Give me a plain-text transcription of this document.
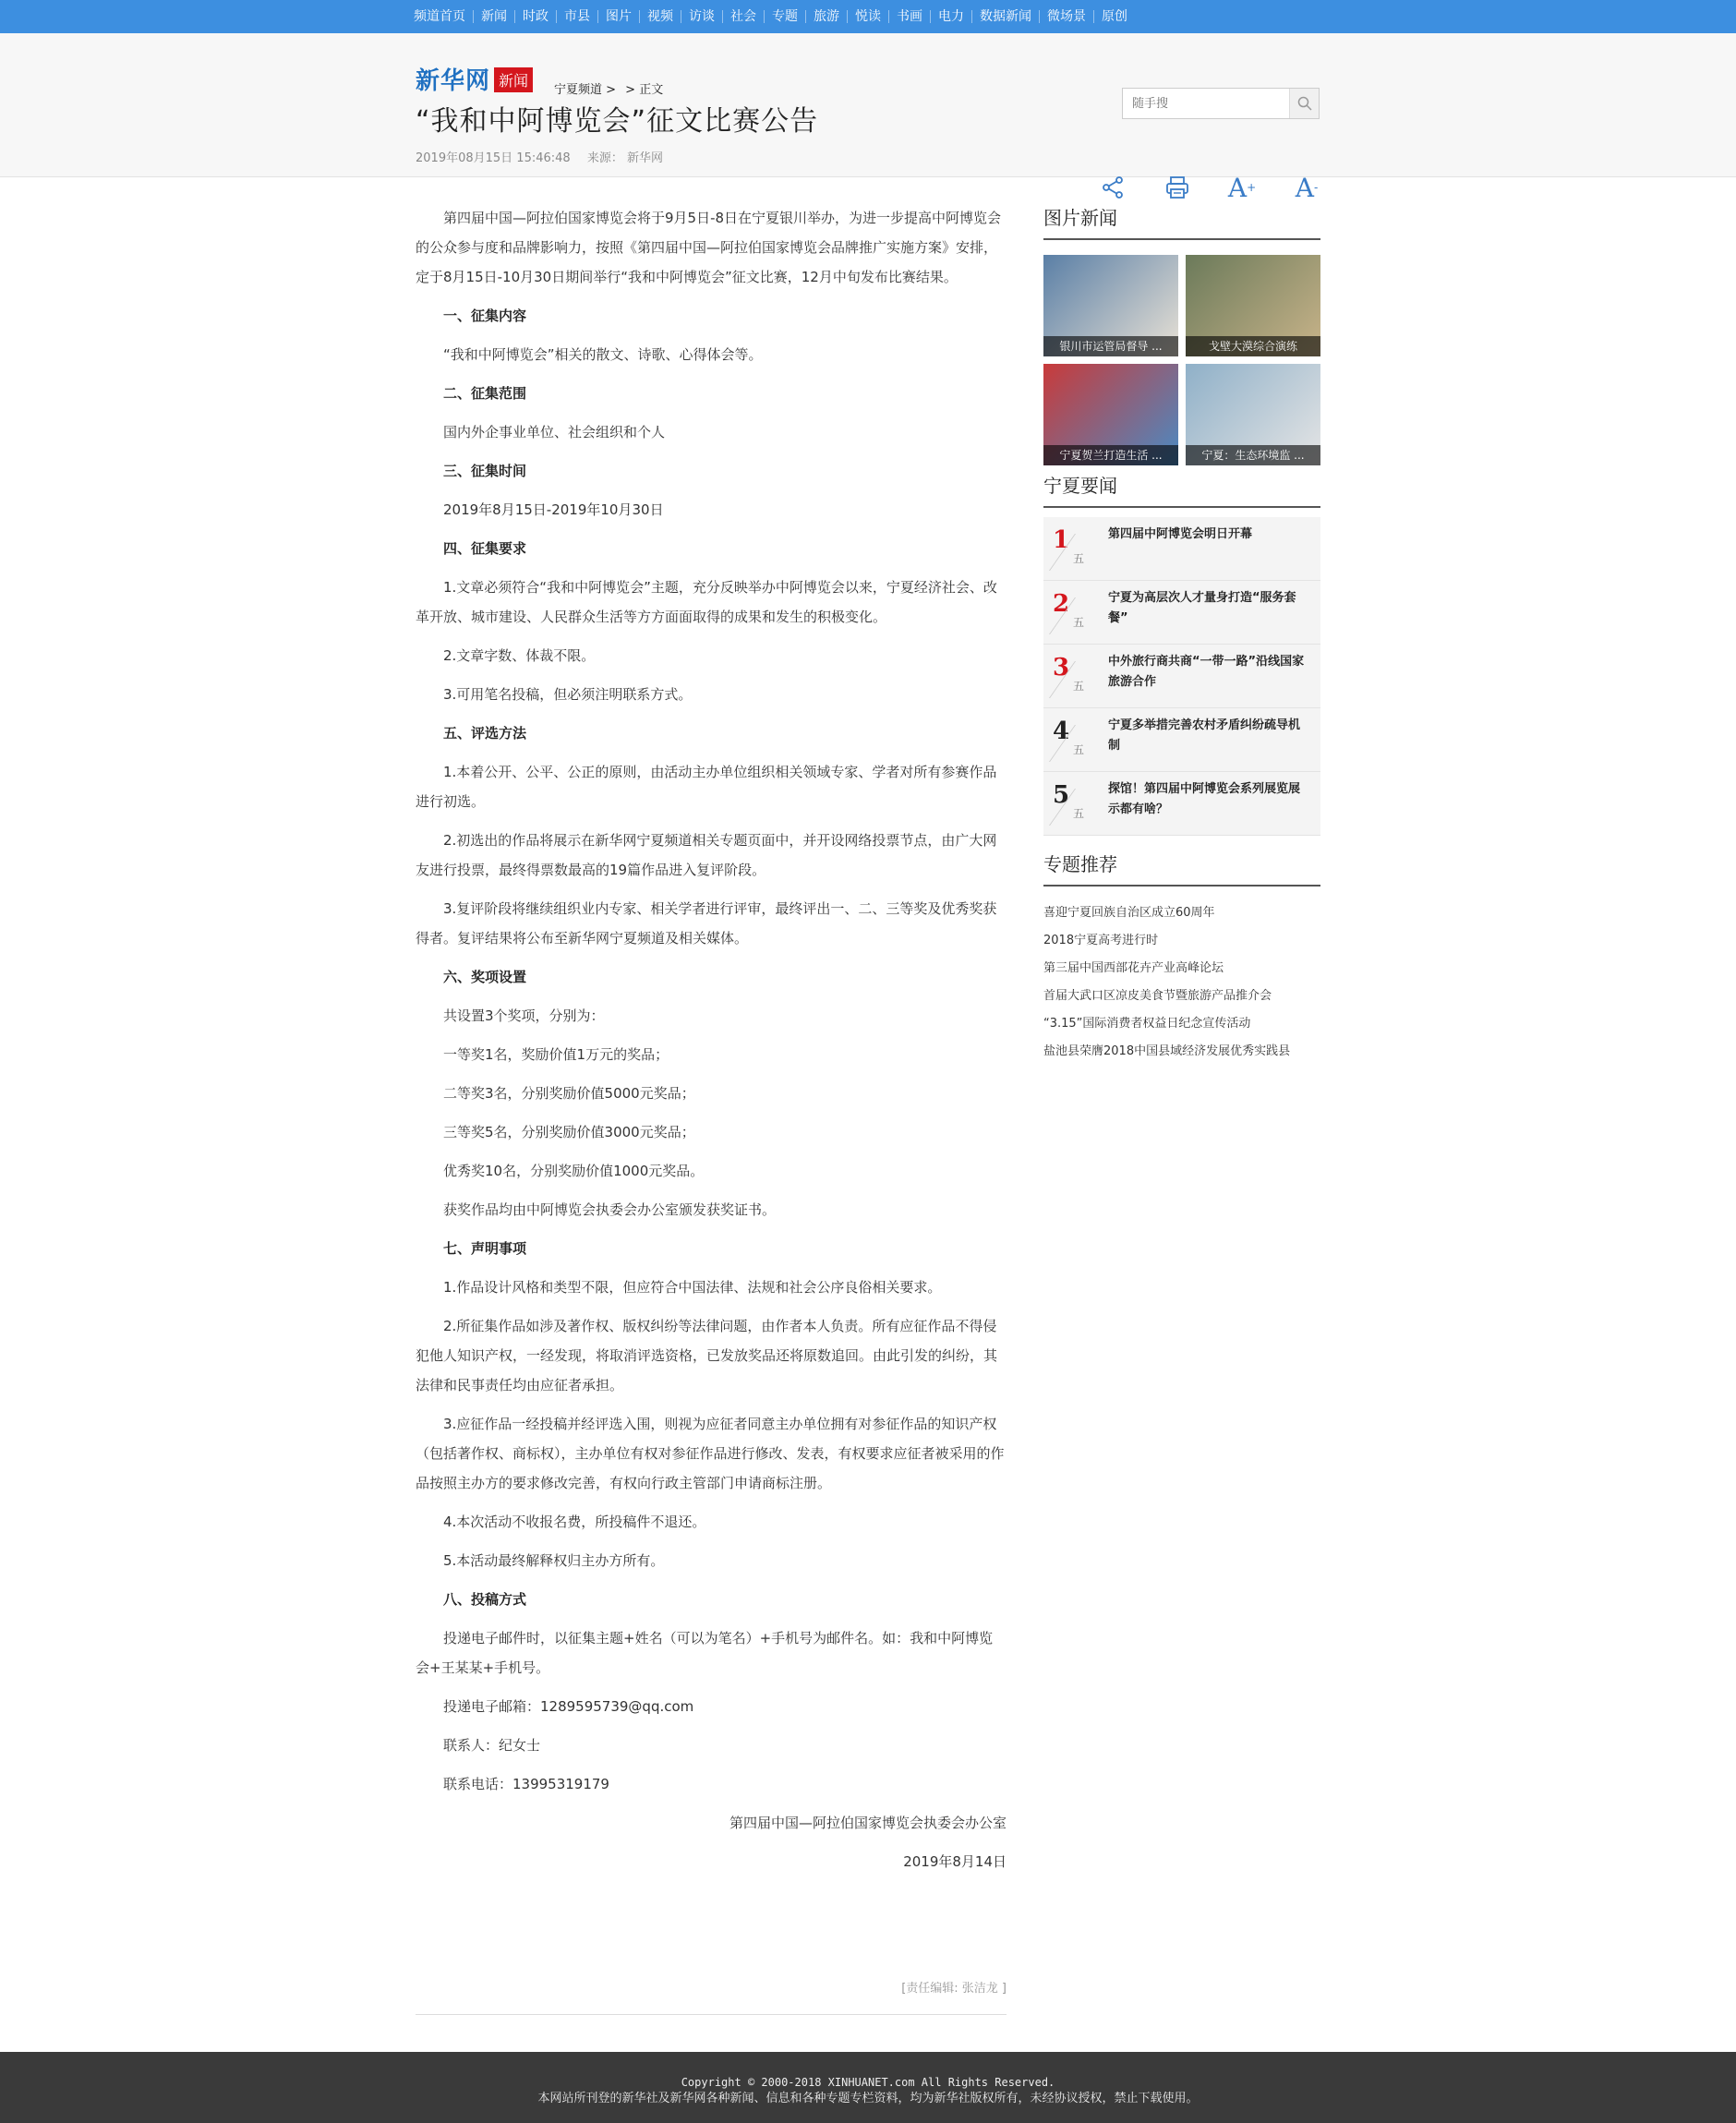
频道首页	新闻	时政	市县	图片	视频	访谈	社会	专题	旅游	悦读	书画	电力	数据新闻	微场景	原创
新华网 新闻
宁夏频道 > > 正文
“我和中阿博览会”征文比赛公告
2019年08月15日 15:46:48 来源： 新华网
随手搜
A + A -

第四届中国—阿拉伯国家博览会将于9月5日-8日在宁夏银川举办，为进一步提高中阿博览会的公众参与度和品牌影响力，按照《第四届中国—阿拉伯国家博览会品牌推广实施方案》安排，定于8月15日-10月30日期间举行“我和中阿博览会”征文比赛，12月中旬发布比赛结果。

一、征集内容

“我和中阿博览会”相关的散文、诗歌、心得体会等。

二、征集范围

国内外企事业单位、社会组织和个人

三、征集时间

2019年8月15日-2019年10月30日

四、征集要求

1.文章必须符合“我和中阿博览会”主题，充分反映举办中阿博览会以来，宁夏经济社会、改革开放、城市建设、人民群众生活等方方面面取得的成果和发生的积极变化。

2.文章字数、体裁不限。

3.可用笔名投稿，但必须注明联系方式。

五、评选方法

1.本着公开、公平、公正的原则，由活动主办单位组织相关领域专家、学者对所有参赛作品进行初选。

2.初选出的作品将展示在新华网宁夏频道相关专题页面中，并开设网络投票节点，由广大网友进行投票，最终得票数最高的19篇作品进入复评阶段。

3.复评阶段将继续组织业内专家、相关学者进行评审，最终评出一、二、三等奖及优秀奖获得者。复评结果将公布至新华网宁夏频道及相关媒体。

六、奖项设置

共设置3个奖项，分别为：

一等奖1名，奖励价值1万元的奖品；

二等奖3名，分别奖励价值5000元奖品；

三等奖5名，分别奖励价值3000元奖品；

优秀奖10名，分别奖励价值1000元奖品。

获奖作品均由中阿博览会执委会办公室颁发获奖证书。

七、声明事项

1.作品设计风格和类型不限，但应符合中国法律、法规和社会公序良俗相关要求。

2.所征集作品如涉及著作权、版权纠纷等法律问题，由作者本人负责。所有应征作品不得侵犯他人知识产权，一经发现，将取消评选资格，已发放奖品还将原数追回。由此引发的纠纷，其法律和民事责任均由应征者承担。

3.应征作品一经投稿并经评选入围，则视为应征者同意主办单位拥有对参征作品的知识产权（包括著作权、商标权），主办单位有权对参征作品进行修改、发表，有权要求应征者被采用的作品按照主办方的要求修改完善，有权向行政主管部门申请商标注册。

4.本次活动不收报名费，所投稿件不退还。

5.本活动最终解释权归主办方所有。

八、投稿方式

投递电子邮件时，以征集主题+姓名（可以为笔名）+手机号为邮件名。如：我和中阿博览会+王某某+手机号。

投递电子邮箱：1289595739@qq.com

联系人：纪女士

联系电话：13995319179

第四届中国—阿拉伯国家博览会执委会办公室

2019年8月14日

[责任编辑: 张洁龙 ]
图片新闻
银川市运管局督导 ...	戈壁大漠综合演练
宁夏贺兰打造生活 ...	宁夏：生态环境监 ...
宁夏要闻
1
五
第四届中阿博览会明日开幕
2
五
宁夏为高层次人才量身打造“服务套餐”
3
五
中外旅行商共商“一带一路”沿线国家旅游合作
4
五
宁夏多举措完善农村矛盾纠纷疏导机制
5
五
探馆！第四届中阿博览会系列展览展示都有啥？
专题推荐
喜迎宁夏回族自治区成立60周年
2018宁夏高考进行时
第三届中国西部花卉产业高峰论坛
首届大武口区凉皮美食节暨旅游产品推介会
“3.15”国际消费者权益日纪念宣传活动
盐池县荣膺2018中国县域经济发展优秀实践县
Copyright © 2000-2018 XINHUANET.com All Rights Reserved.
本网站所刊登的新华社及新华网各种新闻、信息和各种专题专栏资料，均为新华社版权所有，未经协议授权，禁止下载使用。
